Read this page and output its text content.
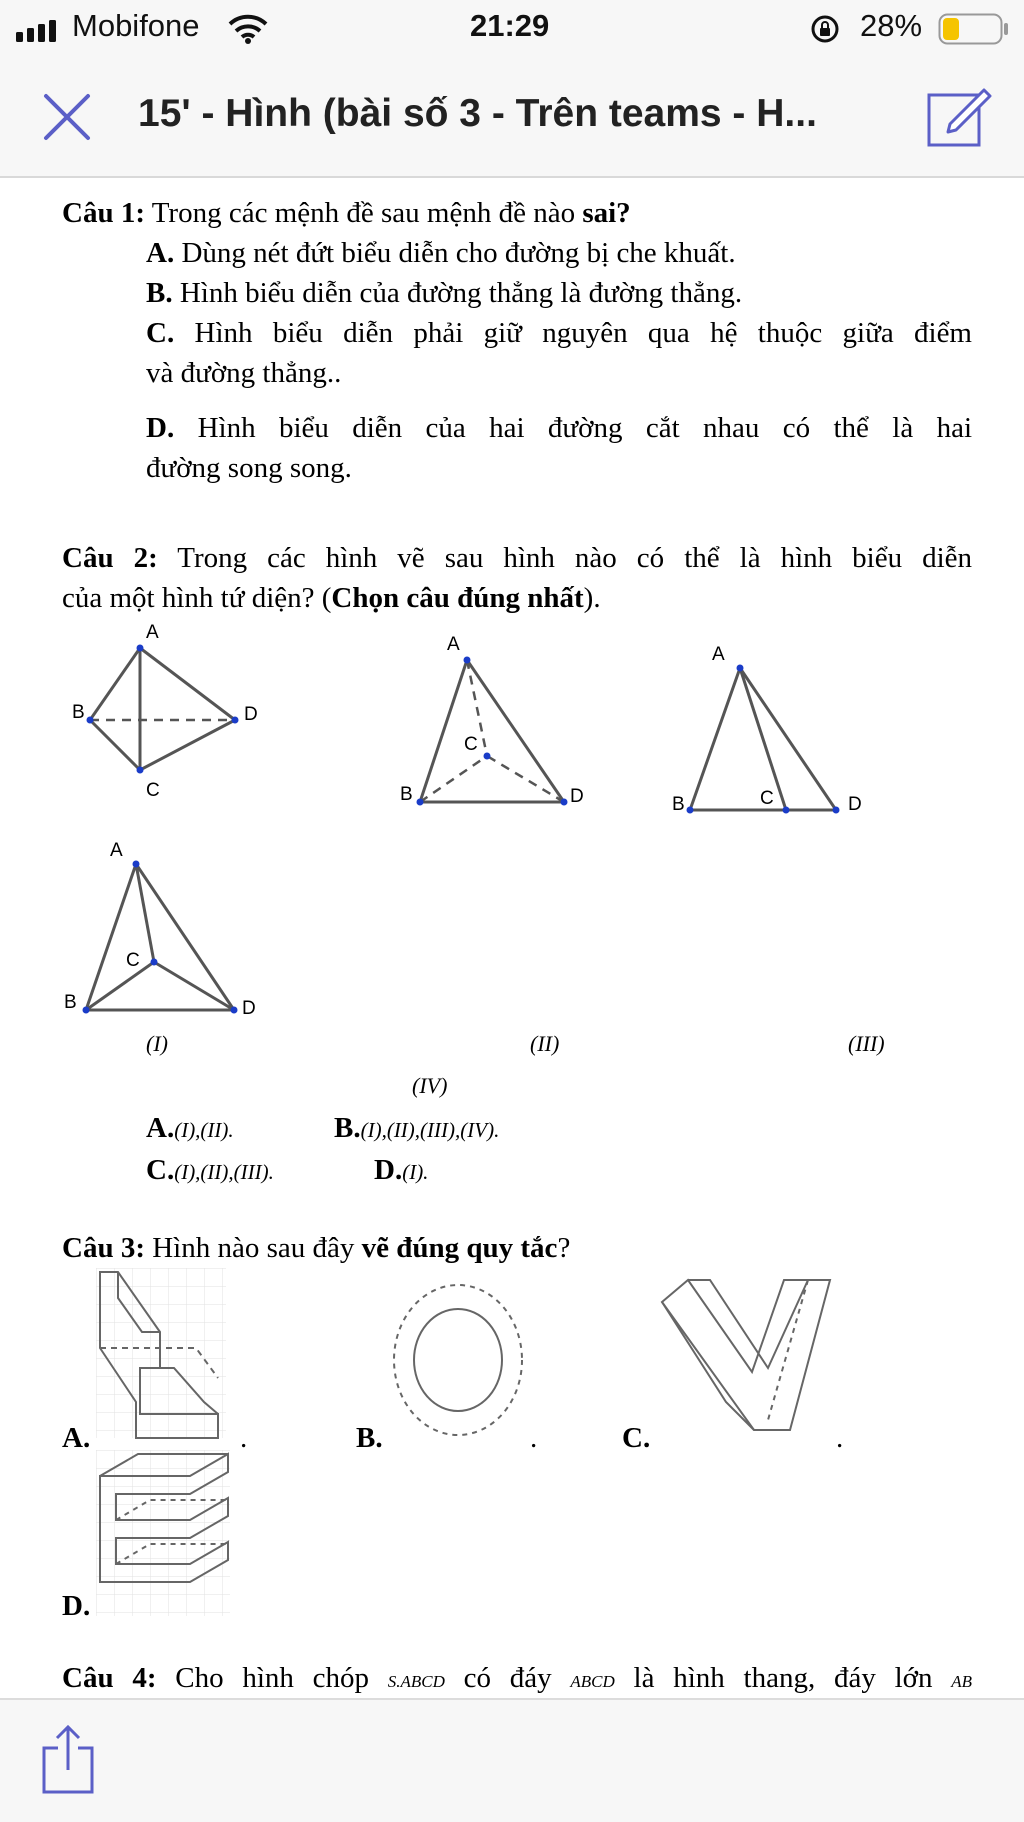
Mobifone	21:29	28%
15' - Hình (bài số 3 - Trên teams - H...
Câu 1: Trong các mệnh đề sau mệnh đề nào sai?
A. Dùng nét đứt biểu diễn cho đường bị che khuất.
B. Hình biểu diễn của đường thẳng là đường thẳng.
C. Hình biểu diễn phải giữ nguyên qua hệ thuộc giữa điểm
và đường thẳng..
D. Hình biểu diễn của hai đường cắt nhau có thể là hai
đường song song.
Câu 2: Trong các hình vẽ sau hình nào có thể là hình biểu diễn
của một hình tứ diện? (Chọn câu đúng nhất).
A
B
C
D
A
B
C
D
A
B	C	D
A
B
C
D
(I)	(II)	(III)
(IV)
A.(I),(II).	B.(I),(II),(III),(IV).
C.(I),(II),(III).	D.(I).
Câu 3: Hình nào sau đây vẽ đúng quy tắc?
A.	.	B.	.	C.	.
D.
Câu 4: Cho hình chóp S.ABCD có đáy ABCD là hình thang, đáy lớn AB
